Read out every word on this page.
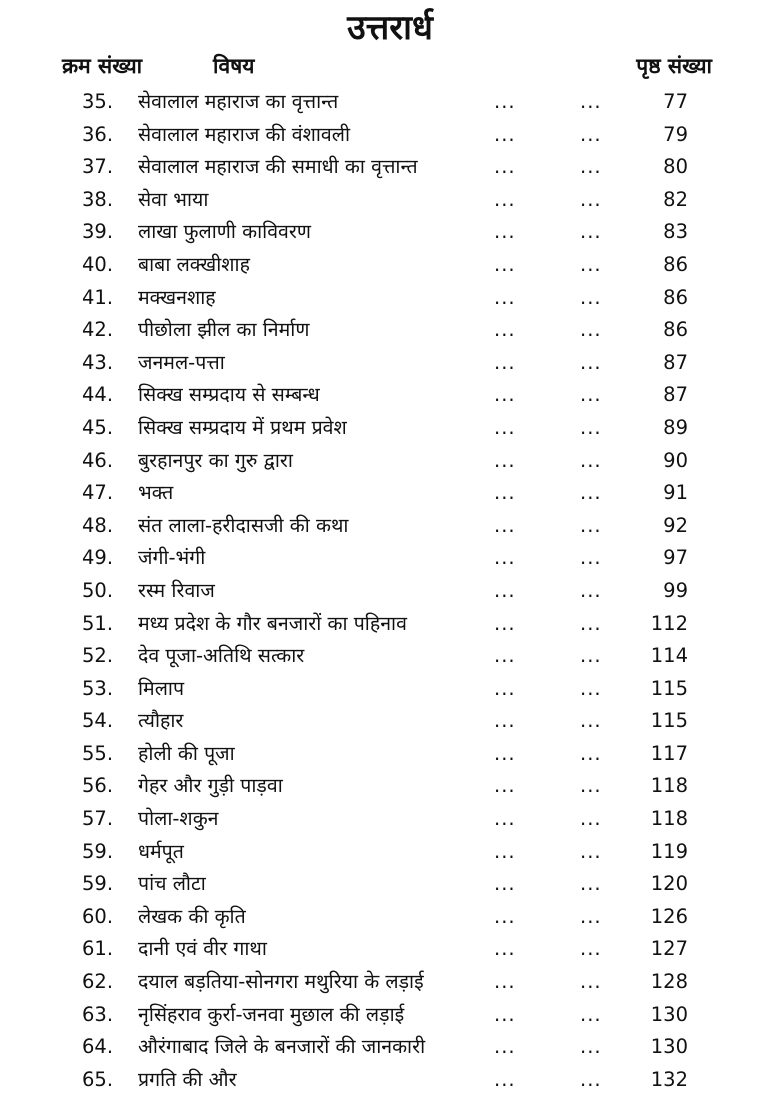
उत्तरार्ध
क्रम संख्या	विषय	पृष्ठ संख्या
35.	सेवालाल महाराज का वृत्तान्त	...	...	77
36.	सेवालाल महाराज की वंशावली	...	...	79
37.	सेवालाल महाराज की समाधी का वृत्तान्त	...	...	80
38.	सेवा भाया	...	...	82
39.	लाखा फुलाणी काविवरण	...	...	83
40.	बाबा लक्खीशाह	...	...	86
41.	मक्खनशाह	...	...	86
42.	पीछोला झील का निर्माण	...	...	86
43.	जनमल-पत्ता	...	...	87
44.	सिक्ख सम्प्रदाय से सम्बन्ध	...	...	87
45.	सिक्ख सम्प्रदाय में प्रथम प्रवेश	...	...	89
46.	बुरहानपुर का गुरु द्वारा	...	...	90
47.	भक्त	...	...	91
48.	संत लाला-हरीदासजी की कथा	...	...	92
49.	जंगी-भंगी	...	...	97
50.	रस्म रिवाज	...	...	99
51.	मध्य प्रदेश के गौर बनजारों का पहिनाव	...	...	112
52.	देव पूजा-अतिथि सत्कार	...	...	114
53.	मिलाप	...	...	115
54.	त्यौहार	...	...	115
55.	होली की पूजा	...	...	117
56.	गेहर और गुड़ी पाड़वा	...	...	118
57.	पोला-शकुन	...	...	118
59.	धर्मपूत	...	...	119
59.	पांच लौटा	...	...	120
60.	लेखक की कृति	...	...	126
61.	दानी एवं वीर गाथा	...	...	127
62.	दयाल बड़तिया-सोनगरा मथुरिया के लड़ाई	...	...	128
63.	नृसिंहराव कुर्रा-जनवा मुछाल की लड़ाई	...	...	130
64.	औरंगाबाद जिले के बनजारों की जानकारी	...	...	130
65.	प्रगति की और	...	...	132
